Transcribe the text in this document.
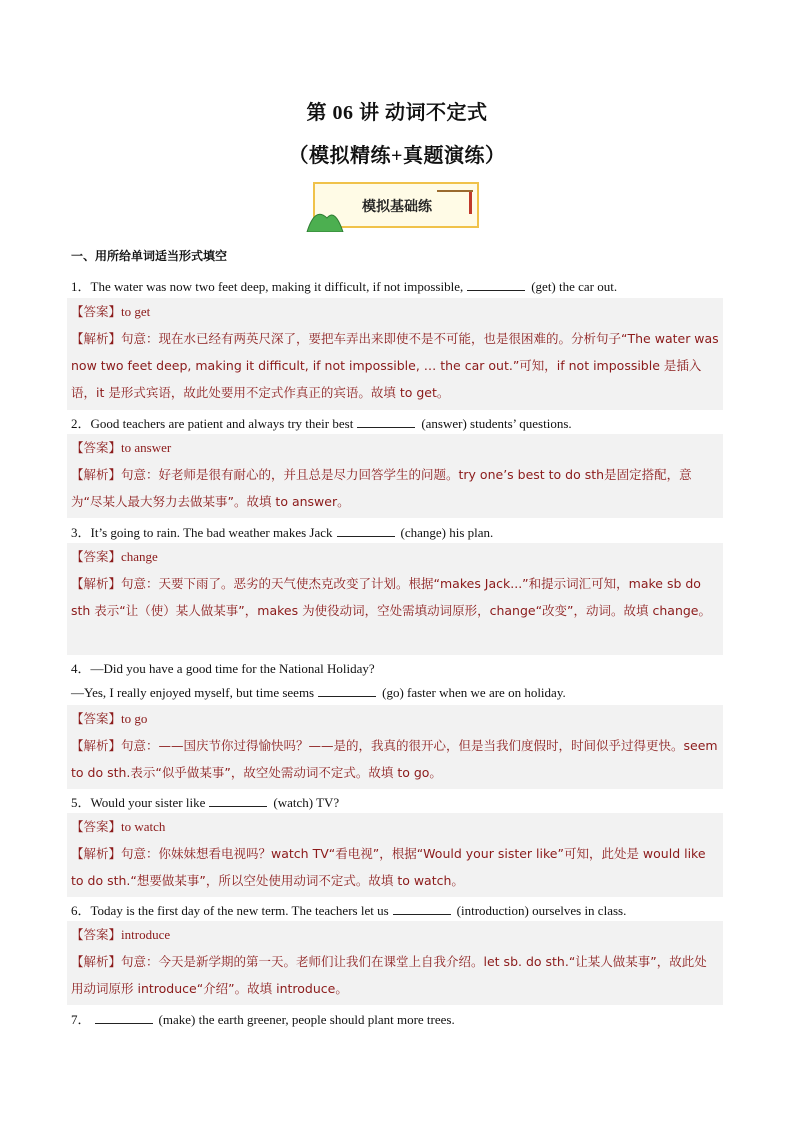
第 06 讲 动词不定式
（模拟精练+真题演练）
模拟基础练
一、用所给单词适当形式填空
1．The water was now two feet deep, making it difficult, if not impossible,	(get) the car out.

【答案】to get

【解析】句意：现在水已经有两英尺深了，要把车弄出来即使不是不可能，也是很困难的。分析句子“The water was now two feet deep, making it difficult, if not impossible, … the car out.”可知，if not impossible 是插入语，it 是形式宾语，故此处要用不定式作真正的宾语。故填 to get。

2．Good teachers are patient and always try their best	(answer) students’ questions.

【答案】to answer

【解析】句意：好老师是很有耐心的，并且总是尽力回答学生的问题。try one’s best to do sth是固定搭配，意为“尽某人最大努力去做某事”。故填 to answer。

3．It’s going to rain. The bad weather makes Jack	(change) his plan.

【答案】change

【解析】句意：天要下雨了。恶劣的天气使杰克改变了计划。根据“makes Jack...”和提示词汇可知，make sb do sth 表示“让（使）某人做某事”，makes 为使役动词，空处需填动词原形，change“改变”，动词。故填 change。

4．—Did you have a good time for the National Holiday?
—Yes, I really enjoyed myself, but time seems	(go) faster when we are on holiday.

【答案】to go

【解析】句意：——国庆节你过得愉快吗？——是的，我真的很开心，但是当我们度假时，时间似乎过得更快。seem to do sth.表示“似乎做某事”，故空处需动词不定式。故填 to go。

5．Would your sister like	(watch) TV?

【答案】to watch

【解析】句意：你妹妹想看电视吗？watch TV“看电视”，根据“Would your sister like”可知，此处是 would like to do sth.“想要做某事”，所以空处使用动词不定式。故填 to watch。

6．Today is the first day of the new term. The teachers let us	(introduction) ourselves in class.

【答案】introduce

【解析】句意：今天是新学期的第一天。老师们让我们在课堂上自我介绍。let sb. do sth.“让某人做某事”，故此处用动词原形 introduce“介绍”。故填 introduce。

7．	(make) the earth greener, people should plant more trees.
